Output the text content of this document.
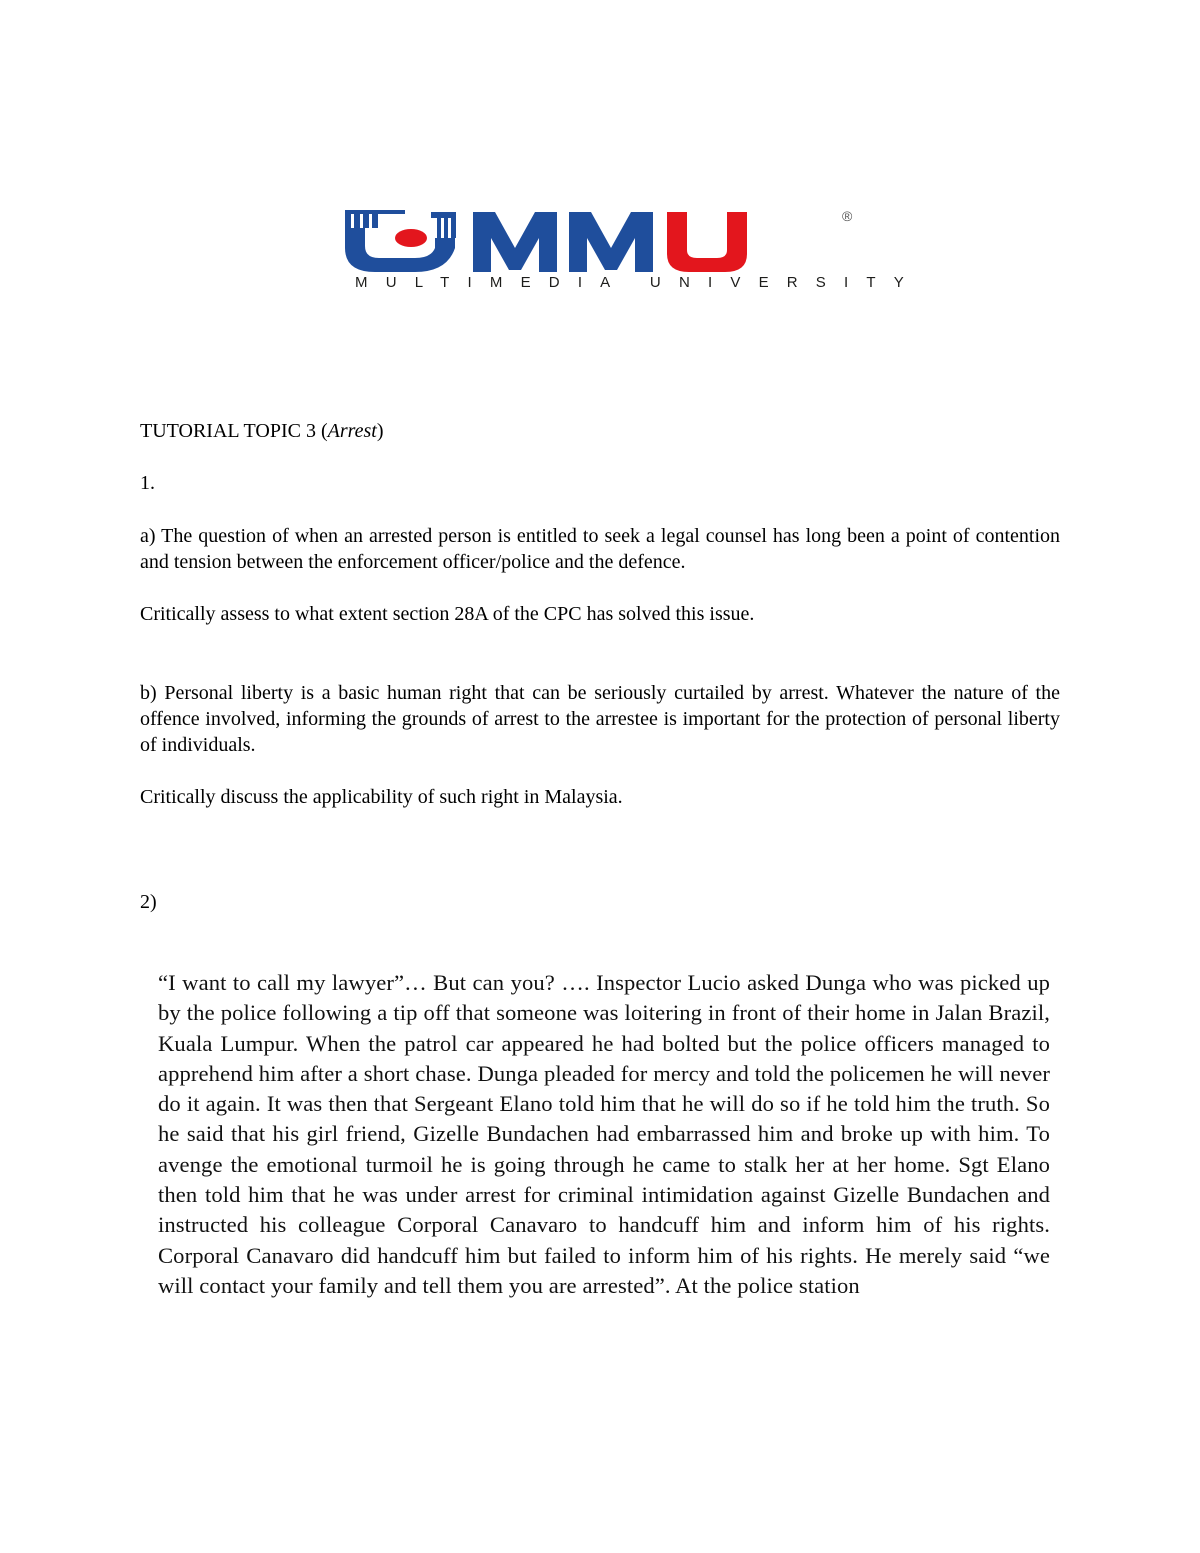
®
MULTIMEDIA UNIVERSITY

TUTORIAL TOPIC 3 (Arrest)

1.

a) The question of when an arrested person is entitled to seek a legal counsel has long been a point of contention and tension between the enforcement officer/police and the defence.

Critically assess to what extent section 28A of the CPC has solved this issue.

b) Personal liberty is a basic human right that can be seriously curtailed by arrest. Whatever the nature of the offence involved, informing the grounds of arrest to the arrestee is important for the protection of personal liberty of individuals.

Critically discuss the applicability of such right in Malaysia.

2)

“I want to call my lawyer”… But can you? …. Inspector Lucio asked Dunga who was picked up by the police following a tip off that someone was loitering in front of their home in Jalan Brazil, Kuala Lumpur. When the patrol car appeared he had bolted but the police officers managed to apprehend him after a short chase. Dunga pleaded for mercy and told the policemen he will never do it again. It was then that Sergeant Elano told him that he will do so if he told him the truth. So he said that his girl friend, Gizelle Bundachen had embarrassed him and broke up with him. To avenge the emotional turmoil he is going through he came to stalk her at her home. Sgt Elano then told him that he was under arrest for criminal intimidation against Gizelle Bundachen and instructed his colleague Corporal Canavaro to handcuff him and inform him of his rights. Corporal Canavaro did handcuff him but failed to inform him of his rights. He merely said “we will contact your family and tell them you are arrested”. At the police station
